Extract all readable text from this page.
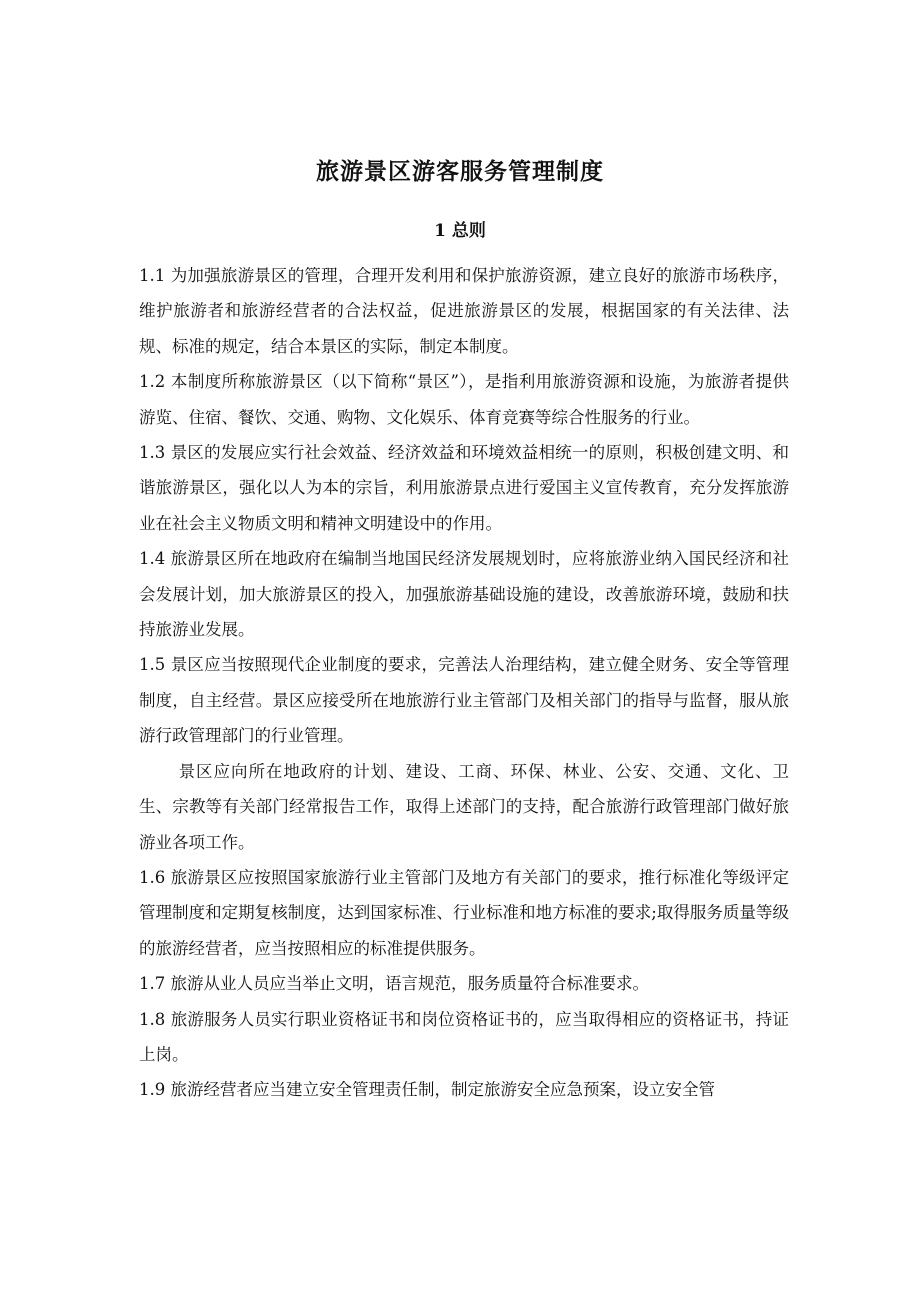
旅游景区游客服务管理制度
1 总则

1.1 为加强旅游景区的管理，合理开发利用和保护旅游资源，建立良好的旅游市场秩序，维护旅游者和旅游经营者的合法权益，促进旅游景区的发展，根据国家的有关法律、法规、标准的规定，结合本景区的实际，制定本制度。

1.2 本制度所称旅游景区（以下简称“景区”），是指利用旅游资源和设施，为旅游者提供游览、住宿、餐饮、交通、购物、文化娱乐、体育竞赛等综合性服务的行业。

1.3 景区的发展应实行社会效益、经济效益和环境效益相统一的原则，积极创建文明、和谐旅游景区，强化以人为本的宗旨，利用旅游景点进行爱国主义宣传教育，充分发挥旅游业在社会主义物质文明和精神文明建设中的作用。

1.4 旅游景区所在地政府在编制当地国民经济发展规划时，应将旅游业纳入国民经济和社会发展计划，加大旅游景区的投入，加强旅游基础设施的建设，改善旅游环境，鼓励和扶持旅游业发展。

1.5 景区应当按照现代企业制度的要求，完善法人治理结构，建立健全财务、安全等管理制度，自主经营。景区应接受所在地旅游行业主管部门及相关部门的指导与监督，服从旅游行政管理部门的行业管理。

景区应向所在地政府的计划、建设、工商、环保、林业、公安、交通、文化、卫生、宗教等有关部门经常报告工作，取得上述部门的支持，配合旅游行政管理部门做好旅游业各项工作。

1.6 旅游景区应按照国家旅游行业主管部门及地方有关部门的要求，推行标准化等级评定管理制度和定期复核制度，达到国家标准、行业标准和地方标准的要求;取得服务质量等级的旅游经营者，应当按照相应的标准提供服务。

1.7 旅游从业人员应当举止文明，语言规范，服务质量符合标准要求。

1.8 旅游服务人员实行职业资格证书和岗位资格证书的，应当取得相应的资格证书，持证上岗。

1.9 旅游经营者应当建立安全管理责任制，制定旅游安全应急预案，设立安全管
